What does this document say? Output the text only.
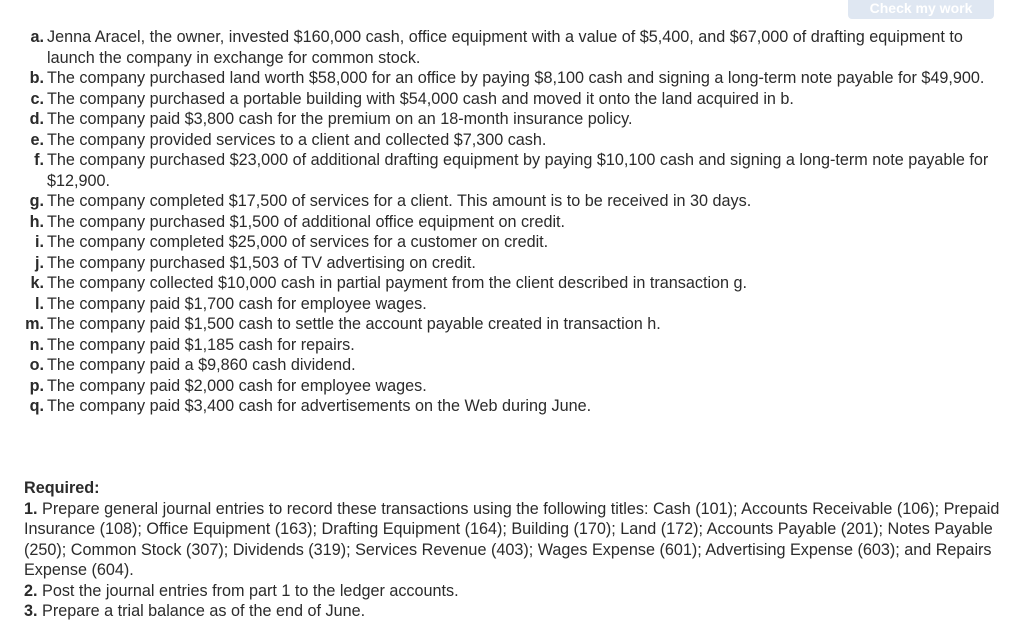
Check my work
a. Jenna Aracel, the owner, invested $160,000 cash, office equipment with a value of $5,400, and $67,000 of drafting equipment to launch the company in exchange for common stock.
b. The company purchased land worth $58,000 for an office by paying $8,100 cash and signing a long-term note payable for $49,900.
c. The company purchased a portable building with $54,000 cash and moved it onto the land acquired in b.
d. The company paid $3,800 cash for the premium on an 18-month insurance policy.
e. The company provided services to a client and collected $7,300 cash.
f. The company purchased $23,000 of additional drafting equipment by paying $10,100 cash and signing a long-term note payable for $12,900.
g. The company completed $17,500 of services for a client. This amount is to be received in 30 days.
h. The company purchased $1,500 of additional office equipment on credit.
i. The company completed $25,000 of services for a customer on credit.
j. The company purchased $1,503 of TV advertising on credit.
k. The company collected $10,000 cash in partial payment from the client described in transaction g.
l. The company paid $1,700 cash for employee wages.
m. The company paid $1,500 cash to settle the account payable created in transaction h.
n. The company paid $1,185 cash for repairs.
o. The company paid a $9,860 cash dividend.
p. The company paid $2,000 cash for employee wages.
q. The company paid $3,400 cash for advertisements on the Web during June.
Required:
1. Prepare general journal entries to record these transactions using the following titles: Cash (101); Accounts Receivable (106); Prepaid Insurance (108); Office Equipment (163); Drafting Equipment (164); Building (170); Land (172); Accounts Payable (201); Notes Payable (250); Common Stock (307); Dividends (319); Services Revenue (403); Wages Expense (601); Advertising Expense (603); and Repairs Expense (604).
2. Post the journal entries from part 1 to the ledger accounts.
3. Prepare a trial balance as of the end of June.
